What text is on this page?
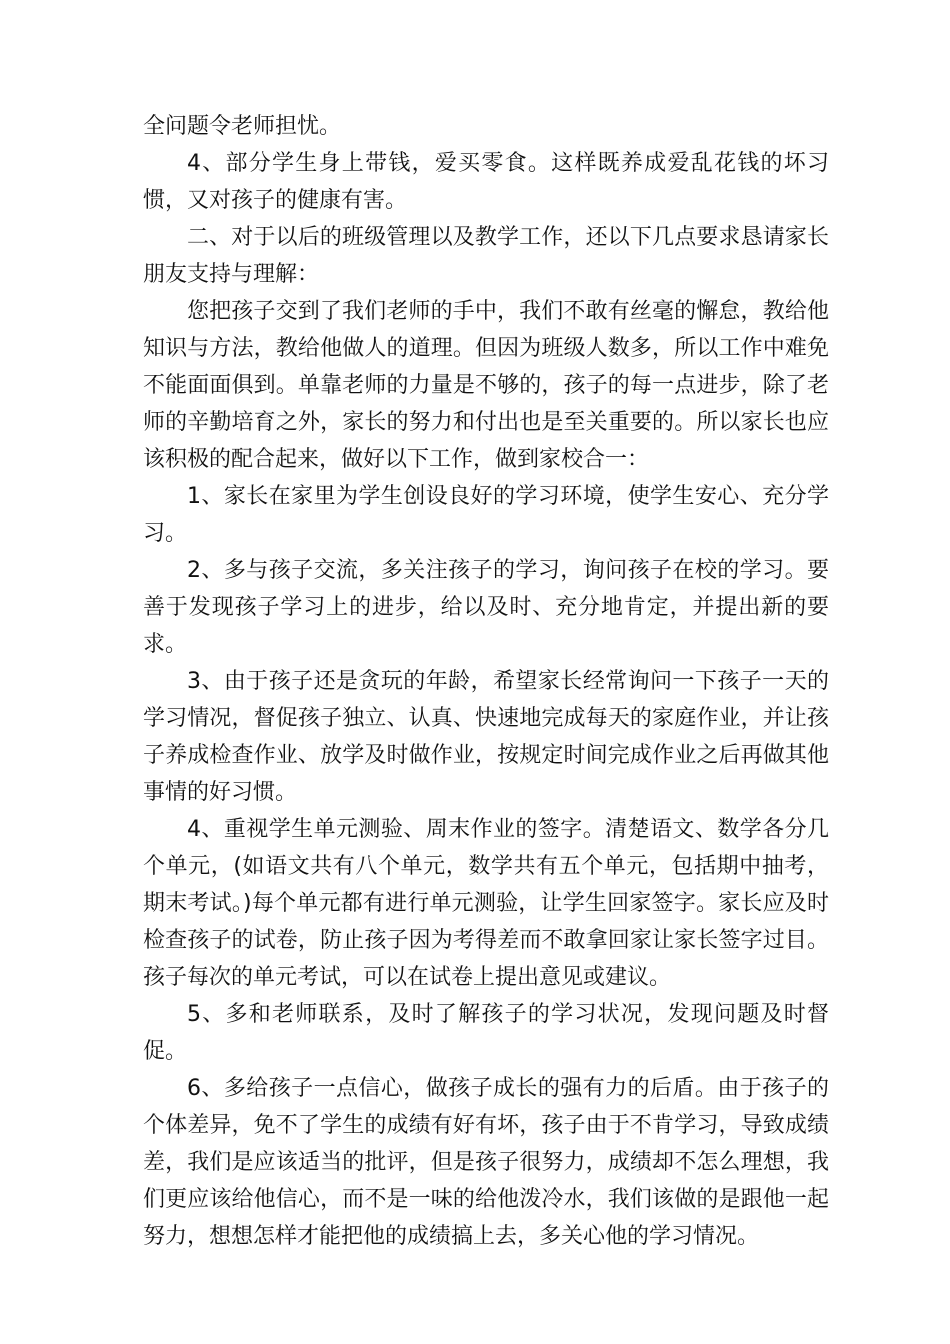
全问题令老师担忧。

4、部分学生身上带钱，爱买零食。这样既养成爱乱花钱的坏习惯，又对孩子的健康有害。

二、对于以后的班级管理以及教学工作，还以下几点要求恳请家长朋友支持与理解：

您把孩子交到了我们老师的手中，我们不敢有丝毫的懈怠，教给他知识与方法，教给他做人的道理。但因为班级人数多，所以工作中难免不能面面俱到。单靠老师的力量是不够的，孩子的每一点进步，除了老师的辛勤培育之外，家长的努力和付出也是至关重要的。所以家长也应该积极的配合起来，做好以下工作，做到家校合一：

1、家长在家里为学生创设良好的学习环境，使学生安心、充分学习。

2、多与孩子交流，多关注孩子的学习，询问孩子在校的学习。要善于发现孩子学习上的进步，给以及时、充分地肯定，并提出新的要求。

3、由于孩子还是贪玩的年龄，希望家长经常询问一下孩子一天的学习情况，督促孩子独立、认真、快速地完成每天的家庭作业，并让孩子养成检查作业、放学及时做作业，按规定时间完成作业之后再做其他事情的好习惯。

4、重视学生单元测验、周末作业的签字。清楚语文、数学各分几个单元，(如语文共有八个单元，数学共有五个单元，包括期中抽考，期末考试。)每个单元都有进行单元测验，让学生回家签字。家长应及时检查孩子的试卷，防止孩子因为考得差而不敢拿回家让家长签字过目。孩子每次的单元考试，可以在试卷上提出意见或建议。

5、多和老师联系，及时了解孩子的学习状况，发现问题及时督促。

6、多给孩子一点信心，做孩子成长的强有力的后盾。由于孩子的个体差异，免不了学生的成绩有好有坏，孩子由于不肯学习，导致成绩差，我们是应该适当的批评，但是孩子很努力，成绩却不怎么理想，我们更应该给他信心，而不是一味的给他泼冷水，我们该做的是跟他一起努力，想想怎样才能把他的成绩搞上去，多关心他的学习情况。
